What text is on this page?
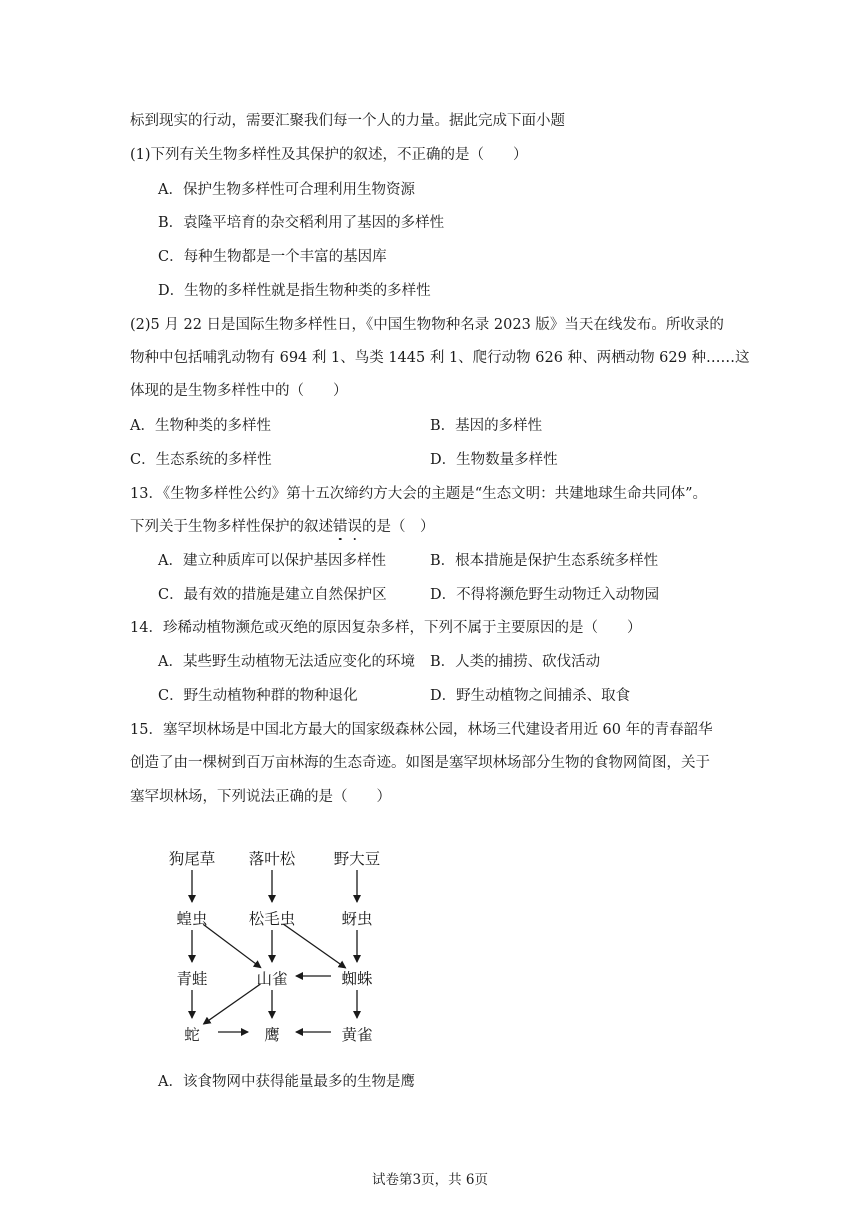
标到现实的行动，需要汇聚我们每一个人的力量。据此完成下面小题
(1)下列有关生物多样性及其保护的叙述，不正确的是（　　）
A．保护生物多样性可合理利用生物资源
B．袁隆平培育的杂交稻利用了基因的多样性
C．每种生物都是一个丰富的基因库
D．生物的多样性就是指生物种类的多样性
(2)5 月 22 日是国际生物多样性日，《中国生物物种名录 2023 版》当天在线发布。所收录的
物种中包括哺乳动物有 694 利 1、鸟类 1445 利 1、爬行动物 626 种、两栖动物 629 种……这
体现的是生物多样性中的（　　）
A．生物种类的多样性	B．基因的多样性
C．生态系统的多样性	D．生物数量多样性
13．《生物多样性公约》第十五次缔约方大会的主题是“生态文明：共建地球生命共同体”。
下列关于生物多样性保护的叙述错误的是（　）
A．建立种质库可以保护基因多样性	B．根本措施是保护生态系统多样性
C．最有效的措施是建立自然保护区	D．不得将濒危野生动物迁入动物园
14．珍稀动植物濒危或灭绝的原因复杂多样，下列不属于主要原因的是（　　）
A．某些野生动植物无法适应变化的环境 B．人类的捕捞、砍伐活动
C．野生动植物种群的物种退化	D．野生动植物之间捕杀、取食
15．塞罕坝林场是中国北方最大的国家级森林公园，林场三代建设者用近 60 年的青春韶华
创造了由一棵树到百万亩林海的生态奇迹。如图是塞罕坝林场部分生物的食物网简图，关于
塞罕坝林场，下列说法正确的是（　　）
狗尾草 落叶松 野大豆
蝗虫	松毛虫	蚜虫
青蛙	山雀	蜘蛛
蛇	鹰	黄雀
A．该食物网中获得能量最多的生物是鹰
试卷第3页，共 6页
